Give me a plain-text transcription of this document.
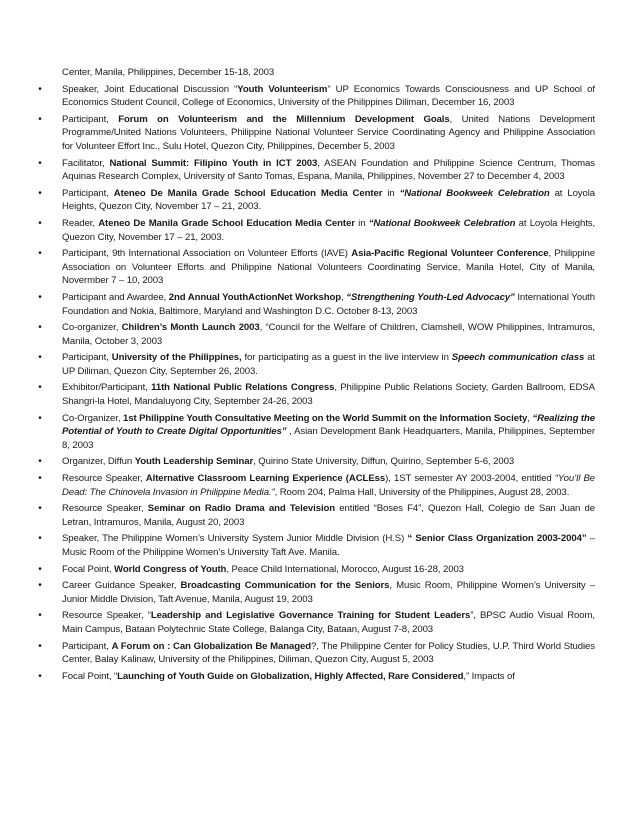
Center, Manila, Philippines, December 15-18, 2003
•	Speaker, Joint Educational Discussion “Youth Volunteerism” UP Economics Towards Consciousness and UP School of Economics Student Council, College of Economics, University of the Philippines Diliman, December 16, 2003
•	Participant, Forum on Volunteerism and the Millennium Development Goals, United Nations Development Programme/United Nations Volunteers, Philippine National Volunteer Service Coordinating Agency and Philippine Association for Volunteer Effort Inc., Sulu Hotel, Quezon City, Philippines, December 5, 2003
•	Facilitator, National Summit: Filipino Youth in ICT 2003, ASEAN Foundation and Philippine Science Centrum, Thomas Aquinas Research Complex, University of Santo Tomas, Espana, Manila, Philippines, November 27 to December 4, 2003
•	Participant, Ateneo De Manila Grade School Education Media Center in “National Bookweek Celebration at Loyola Heights, Quezon City, November 17 – 21, 2003.
•	Reader, Ateneo De Manila Grade School Education Media Center in “National Bookweek Celebration at Loyola Heights, Quezon City, November 17 – 21, 2003.
•	Participant, 9th International Association on Volunteer Efforts (IAVE) Asia-Pacific Regional Volunteer Conference, Philippine Association on Volunteer Efforts and Philippine National Volunteers Coordinating Service, Manila Hotel, City of Manila, Novermber 7 – 10, 2003
•	Participant and Awardee, 2nd Annual YouthActionNet Workshop, “Strengthening Youth-Led Advocacy” International Youth Foundation and Nokia, Baltimore, Maryland and Washington D.C. October 8-13, 2003
•	Co-organizer, Children’s Month Launch 2003, “Council for the Welfare of Children, Clamshell, WOW Philippines, Intramuros, Manila, October 3, 2003
•	Participant, University of the Philippines, for participating as a guest in the live interview in Speech communication class at UP Diliman, Quezon City, September 26, 2003.
•	Exhibitor/Participant, 11th National Public Relations Congress, Philippine Public Relations Society, Garden Ballroom, EDSA Shangri-la Hotel, Mandaluyong City, September 24-26, 2003
•	Co-Organizer, 1st Philippine Youth Consultative Meeting on the World Summit on the Information Society, “Realizing the Potential of Youth to Create Digital Opportunities” , Asian Development Bank Headquarters, Manila, Philippines, September 8, 2003
•	Organizer, Diffun Youth Leadership Seminar, Quirino State University, Diffun, Quirino, September 5-6, 2003
•	Resource Speaker, Alternative Classroom Learning Experience (ACLEss), 1ST semester AY 2003-2004, entitled “You’ll Be Dead: The Chinovela Invasion in Philippine Media.”, Room 204, Palma Hall, University of the Philippines, August 28, 2003.
•	Resource Speaker, Seminar on Radio Drama and Television entitled “Boses F4”, Quezon Hall, Colegio de San Juan de Letran, Intramuros, Manila, August 20, 2003
•	Speaker, The Philippine Women’s University System Junior Middle Division (H.S) “ Senior Class Organization 2003-2004” – Music Room of the Philippine Women’s University Taft Ave. Manila.
•	Focal Point, World Congress of Youth, Peace Child International, Morocco, August 16-28, 2003
•	Career Guidance Speaker, Broadcasting Communication for the Seniors, Music Room, Philippine Women’s University – Junior Middle Division, Taft Avenue, Manila, August 19, 2003
•	Resource Speaker, “Leadership and Legislative Governance Training for Student Leaders”, BPSC Audio Visual Room, Main Campus, Bataan Polytechnic State College, Balanga City, Bataan, August 7-8, 2003
•	Participant, A Forum on : Can Globalization Be Managed?, The Philippine Center for Policy Studies, U.P. Third World Studies Center, Balay Kalinaw, University of the Philippines, Diliman, Quezon City, August 5, 2003
•	Focal Point, “Launching of Youth Guide on Globalization, Highly Affected, Rare Considered,” Impacts of
